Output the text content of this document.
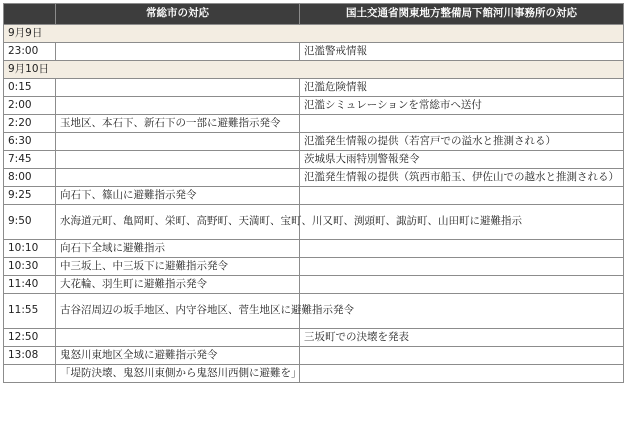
	常総市の対応	国土交通省関東地方整備局下館河川事務所の対応
9月9日		
23:00		氾濫警戒情報
9月10日		
0:15		氾濫危険情報
2:00		氾濫シミュレーションを常総市へ送付
2:20	玉地区、本石下、新石下の一部に避難指示発令	
6:30		氾濫発生情報の提供（若宮戸での溢水と推測される）
7:45		茨城県大雨特別警報発令
8:00		氾濫発生情報の提供（筑西市船玉、伊佐山での越水と推測される）
9:25	向石下、篠山に避難指示発令	
9:50	水海道元町、亀岡町、栄町、高野町、天満町、宝町、川又町、渕頭町、諏訪町、山田町に避難指示	
10:10	向石下全域に避難指示	
10:30	中三坂上、中三坂下に避難指示発令	
11:40	大花輪、羽生町に避難指示発令	
11:55	古谷沼周辺の坂手地区、内守谷地区、菅生地区に避難指示発令	
12:50		三坂町での決壊を発表
13:08	鬼怒川東地区全域に避難指示発令	
	「堤防決壊、鬼怒川東側から鬼怒川西側に避難を」	
